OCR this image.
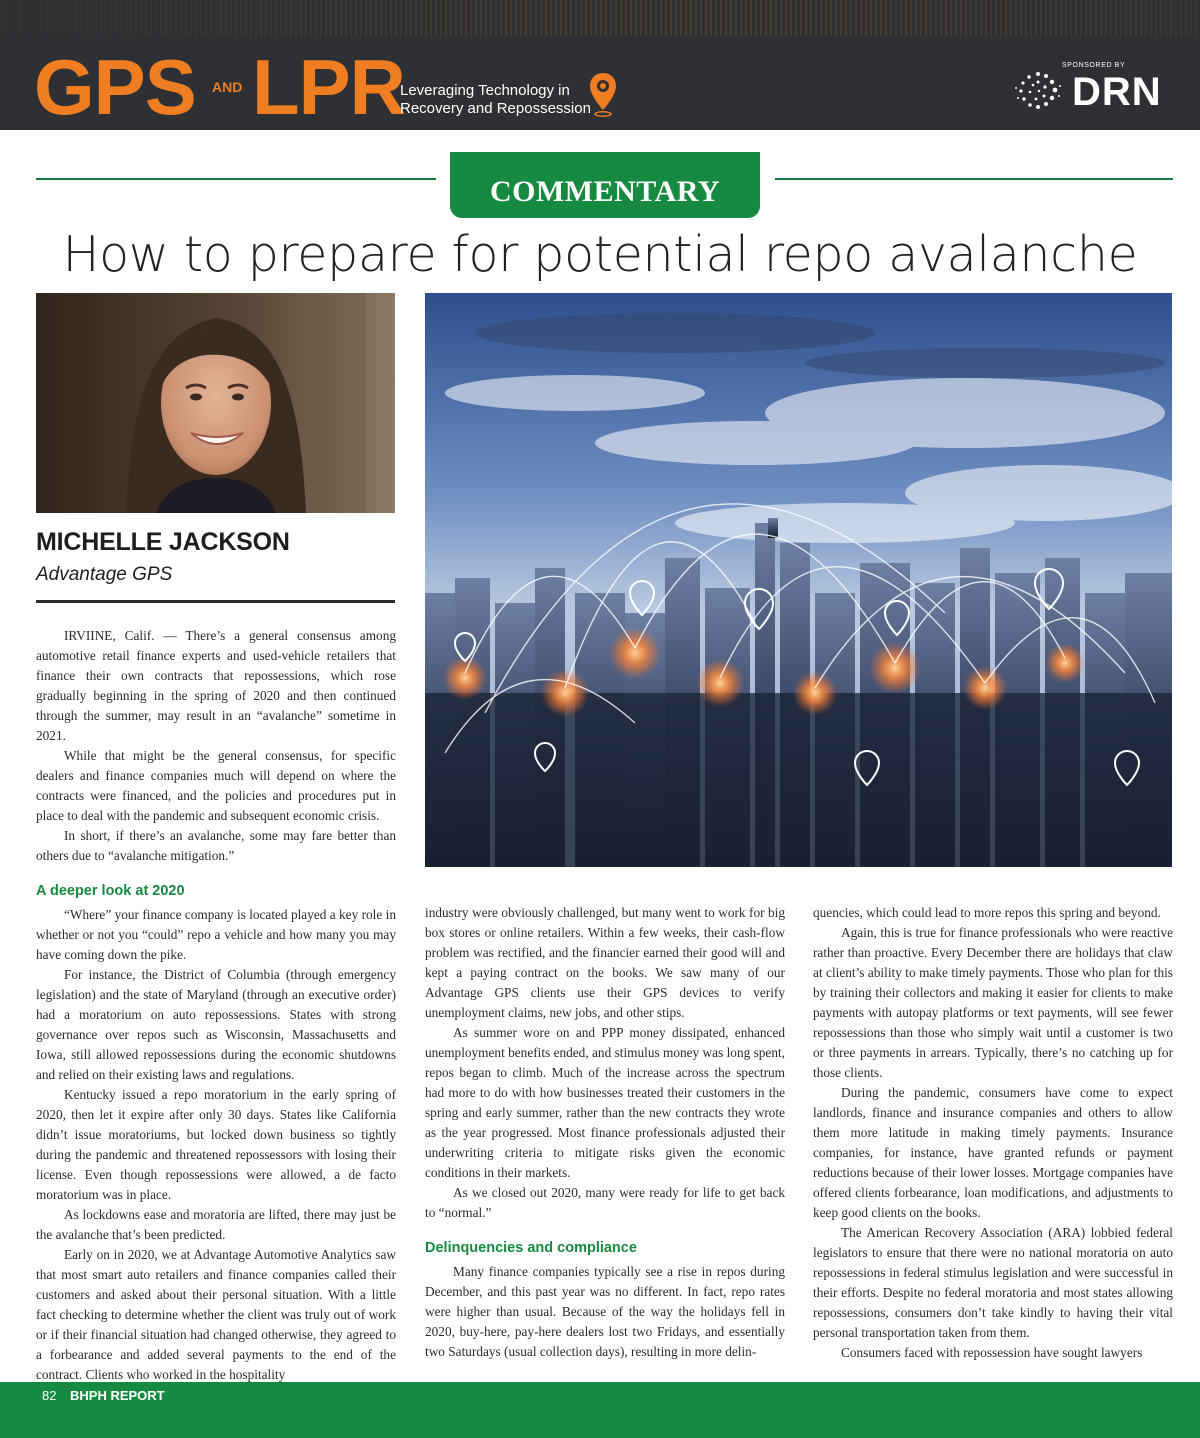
GPS AND LPR
Leveraging Technology in
Recovery and Repossession
SPONSORED BY
DRN
COMMENTARY
How to prepare for potential repo avalanche
MICHELLE JACKSON
Advantage GPS

IRVIINE, Calif. — There’s a general consensus among automotive retail finance experts and used-vehicle retailers that finance their own contracts that repossessions, which rose gradually beginning in the spring of 2020 and then continued through the summer, may result in an “avalanche” sometime in 2021.

While that might be the general consensus, for specific dealers and finance companies much will depend on where the contracts were financed, and the policies and procedures put in place to deal with the pandemic and subsequent economic crisis.

In short, if there’s an avalanche, some may fare better than others due to “avalanche mitigation.”

A deeper look at 2020

“Where” your finance company is located played a key role in whether or not you “could” repo a vehicle and how many you may have coming down the pike.

For instance, the District of Columbia (through emergency legislation) and the state of Maryland (through an executive order) had a moratorium on auto repossessions. States with strong governance over repos such as Wisconsin, Massachusetts and Iowa, still allowed repossessions during the economic shutdowns and relied on their existing laws and regulations.

Kentucky issued a repo moratorium in the early spring of 2020, then let it expire after only 30 days. States like California didn’t issue moratoriums, but locked down business so tightly during the pandemic and threatened repossessors with losing their license. Even though repossessions were allowed, a de facto moratorium was in place.

As lockdowns ease and moratoria are lifted, there may just be the avalanche that’s been predicted.

Early on in 2020, we at Advantage Automotive Analytics saw that most smart auto retailers and finance companies called their customers and asked about their personal situation. With a little fact checking to determine whether the client was truly out of work or if their financial situation had changed otherwise, they agreed to a forbearance and added several payments to the end of the contract. Clients who worked in the hospitality

industry were obviously challenged, but many went to work for big box stores or online retailers. Within a few weeks, their cash-flow problem was rectified, and the financier earned their good will and kept a paying contract on the books. We saw many of our Advantage GPS clients use their GPS devices to verify unemployment claims, new jobs, and other stips.

As summer wore on and PPP money dissipated, enhanced unemployment benefits ended, and stimulus money was long spent, repos began to climb. Much of the increase across the spectrum had more to do with how businesses treated their customers in the spring and early summer, rather than the new contracts they wrote as the year progressed. Most finance professionals adjusted their underwriting criteria to mitigate risks given the economic conditions in their markets.

As we closed out 2020, many were ready for life to get back to “normal.”

Delinquencies and compliance

Many finance companies typically see a rise in repos during December, and this past year was no different. In fact, repo rates were higher than usual. Because of the way the holidays fell in 2020, buy-here, pay-here dealers lost two Fridays, and essentially two Saturdays (usual collection days), resulting in more delin-

quencies, which could lead to more repos this spring and beyond.

Again, this is true for finance professionals who were reactive rather than proactive. Every December there are holidays that claw at client’s ability to make timely payments. Those who plan for this by training their collectors and making it easier for clients to make payments with autopay platforms or text payments, will see fewer repossessions than those who simply wait until a customer is two or three payments in arrears. Typically, there’s no catching up for those clients.

During the pandemic, consumers have come to expect landlords, finance and insurance companies and others to allow them more latitude in making timely payments. Insurance companies, for instance, have granted refunds or payment reductions because of their lower losses. Mortgage companies have offered clients forbearance, loan modifications, and adjustments to keep good clients on the books.

The American Recovery Association (ARA) lobbied federal legislators to ensure that there were no national moratoria on auto repossessions in federal stimulus legislation and were successful in their efforts. Despite no federal moratoria and most states allowing repossessions, consumers don’t take kindly to having their vital personal transportation taken from them.

Consumers faced with repossession have sought lawyers

82 BHPH REPORT
